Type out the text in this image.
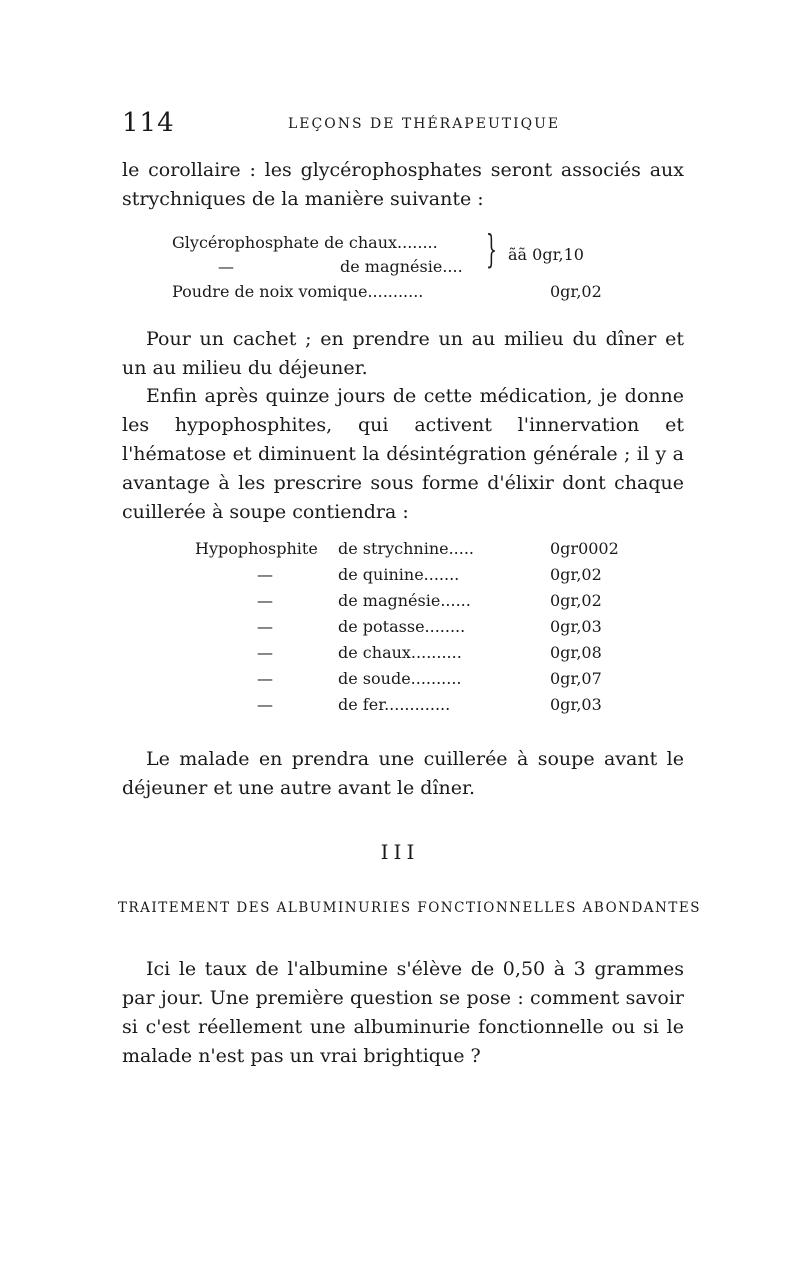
114	LEÇONS DE THÉRAPEUTIQUE

le corollaire : les glycérophosphates seront associés aux strychniques de la manière suivante :

Glycérophosphate de chaux........
—	de magnésie.... } ãã 0gr,10
Poudre de noix vomique...........	0gr,02

Pour un cachet ; en prendre un au milieu du dîner et un au milieu du déjeuner.

Enfin après quinze jours de cette médication, je donne les hypophosphites, qui activent l'innervation et l'hématose et diminuent la désintégration générale ; il y a avantage à les prescrire sous forme d'élixir dont chaque cuillerée à soupe contiendra :

Hypophosphite de strychnine.....	0gr0002
—	de quinine.......	0gr,02
—	de magnésie......	0gr,02
—	de potasse........	0gr,03
—	de chaux..........	0gr,08
—	de soude..........	0gr,07
—	de fer.............	0gr,03

Le malade en prendra une cuillerée à soupe avant le déjeuner et une autre avant le dîner.

III
TRAITEMENT DES ALBUMINURIES FONCTIONNELLES ABONDANTES

Ici le taux de l'albumine s'élève de 0,50 à 3 grammes par jour. Une première question se pose : comment savoir si c'est réellement une albuminurie fonctionnelle ou si le malade n'est pas un vrai brightique ?
